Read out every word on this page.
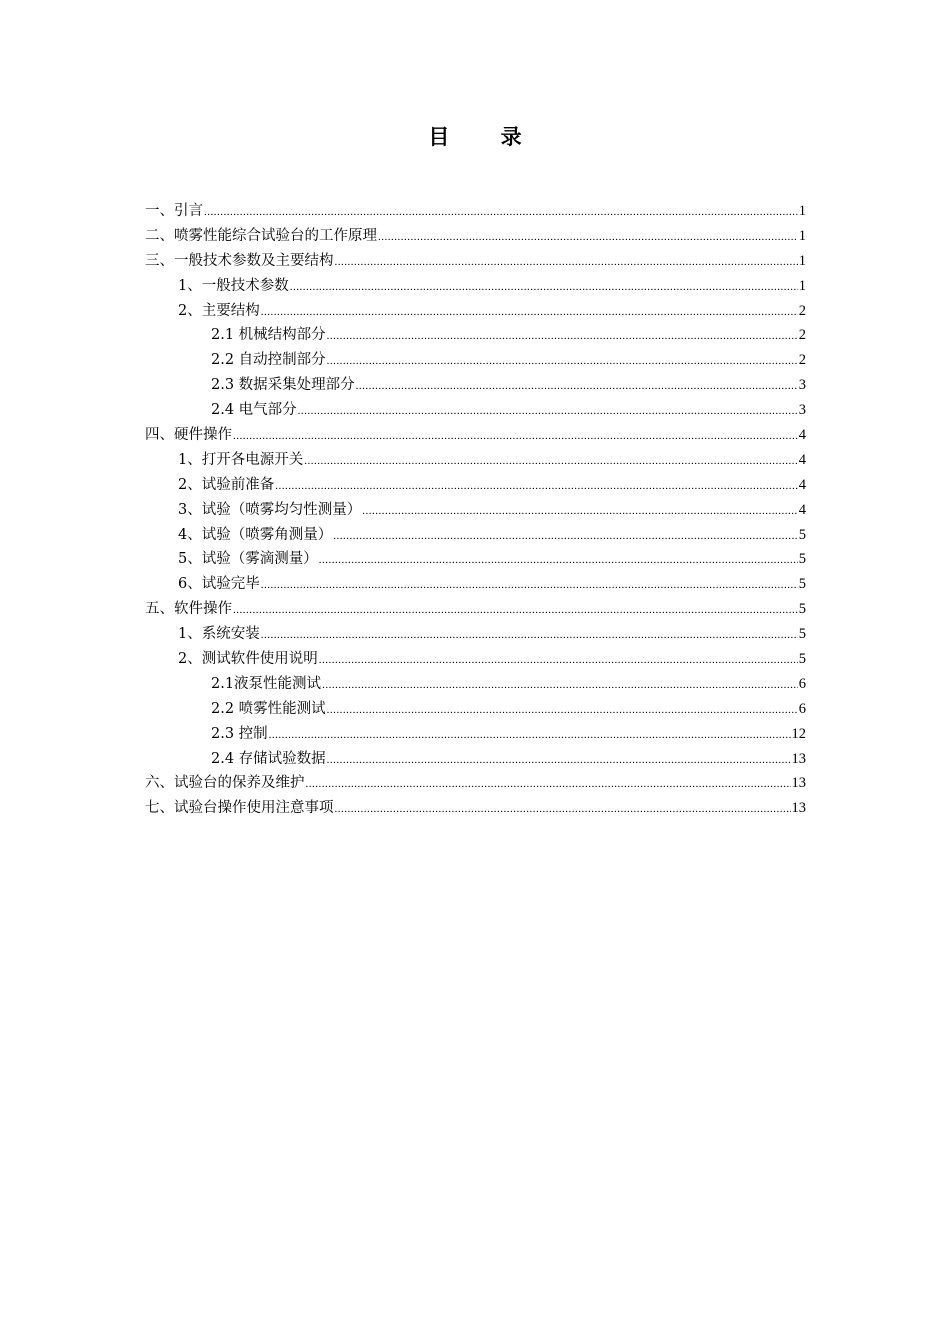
目 录
一、引言 .....	1
二、喷雾性能综合试验台的工作原理 .....	1
三、一般技术参数及主要结构 .....	1
1、一般技术参数 .....	1
2、主要结构 .....	2
2.1 机械结构部分 .....	2
2.2 自动控制部分 .....	2
2.3 数据采集处理部分 .....	3
2.4 电气部分 .....	3
四、硬件操作 .....	4
1、打开各电源开关 .....	4
2、试验前准备 .....	4
3、试验（喷雾均匀性测量） .....	4
4、试验（喷雾角测量） .....	5
5、试验（雾滴测量） .....	5
6、试验完毕 .....	5
五、软件操作 .....	5
1、系统安装 .....	5
2、测试软件使用说明 .....	5
2.1液泵性能测试 .....	6
2.2 喷雾性能测试 .....	6
2.3 控制 .....	12
2.4 存储试验数据 .....	13
六、试验台的保养及维护 .....	13
七、试验台操作使用注意事项 .....	13
